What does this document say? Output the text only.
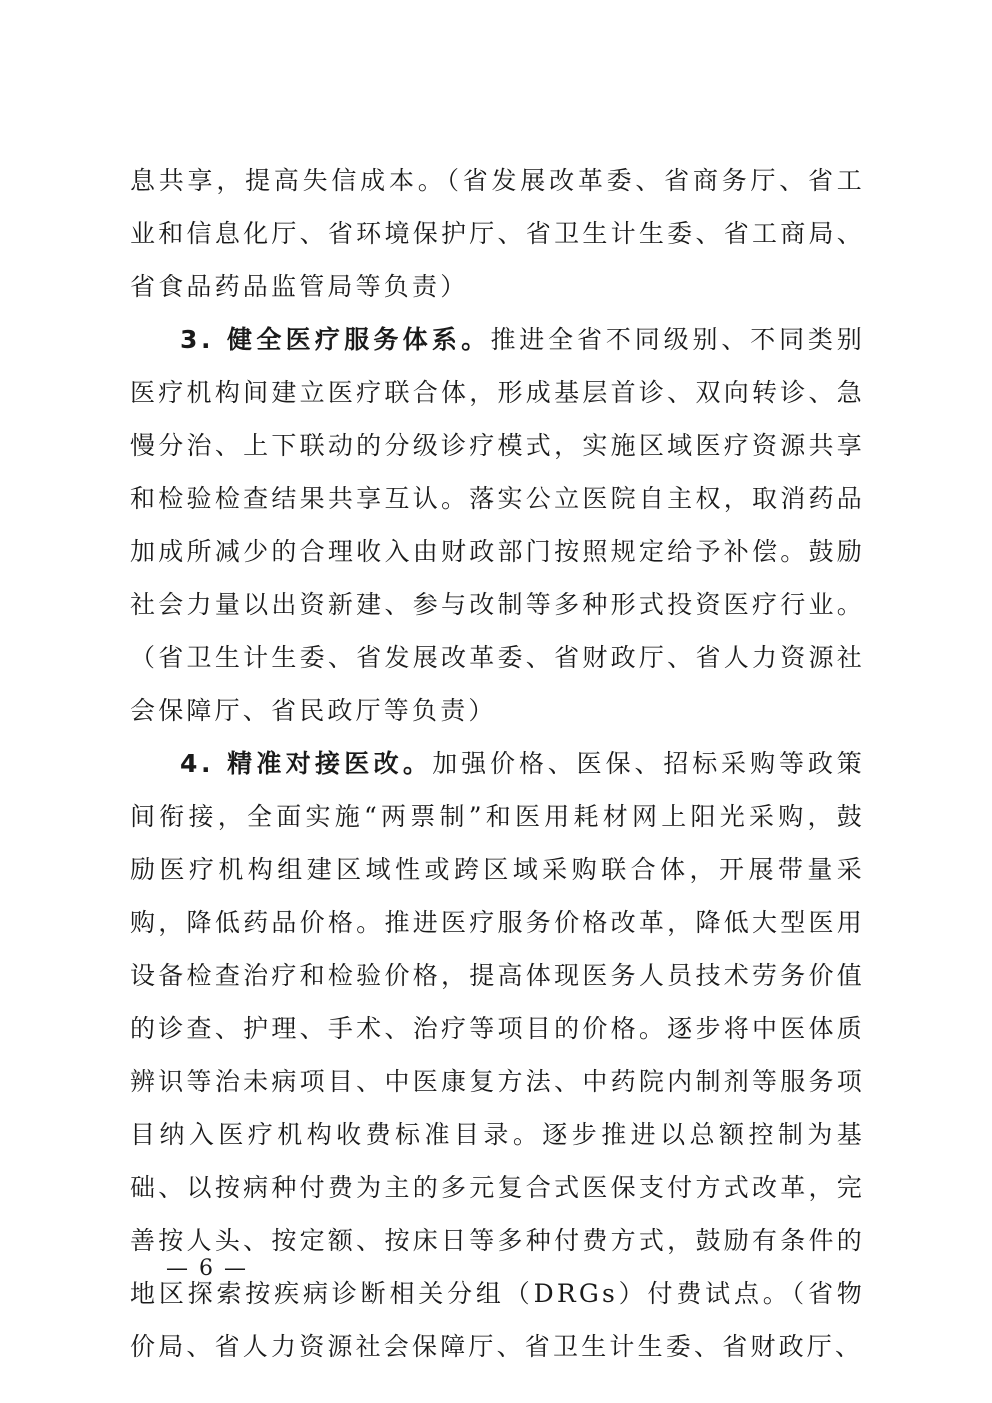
息共享，提高失信成本。（省发展改革委、省商务厅、省工业和信息化厅、省环境保护厅、省卫生计生委、省工商局、省食品药品监管局等负责）

3. 健全医疗服务体系。推进全省不同级别、不同类别医疗机构间建立医疗联合体，形成基层首诊、双向转诊、急慢分治、上下联动的分级诊疗模式，实施区域医疗资源共享和检验检查结果共享互认。落实公立医院自主权，取消药品加成所减少的合理收入由财政部门按照规定给予补偿。鼓励社会力量以出资新建、参与改制等多种形式投资医疗行业。（省卫生计生委、省发展改革委、省财政厅、省人力资源社会保障厅、省民政厅等负责）

4. 精准对接医改。加强价格、医保、招标采购等政策间衔接，全面实施“两票制”和医用耗材网上阳光采购，鼓励医疗机构组建区域性或跨区域采购联合体，开展带量采购，降低药品价格。推进医疗服务价格改革，降低大型医用设备检查治疗和检验价格，提高体现医务人员技术劳务价值的诊查、护理、手术、治疗等项目的价格。逐步将中医体质辨识等治未病项目、中医康复方法、中药院内制剂等服务项目纳入医疗机构收费标准目录。逐步推进以总额控制为基础、以按病种付费为主的多元复合式医保支付方式改革，完善按人头、按定额、按床日等多种付费方式，鼓励有条件的地区探索按疾病诊断相关分组（DRGs）付费试点。（省物价局、省人力资源社会保障厅、省卫生计生委、省财政厅、

— 6 —
